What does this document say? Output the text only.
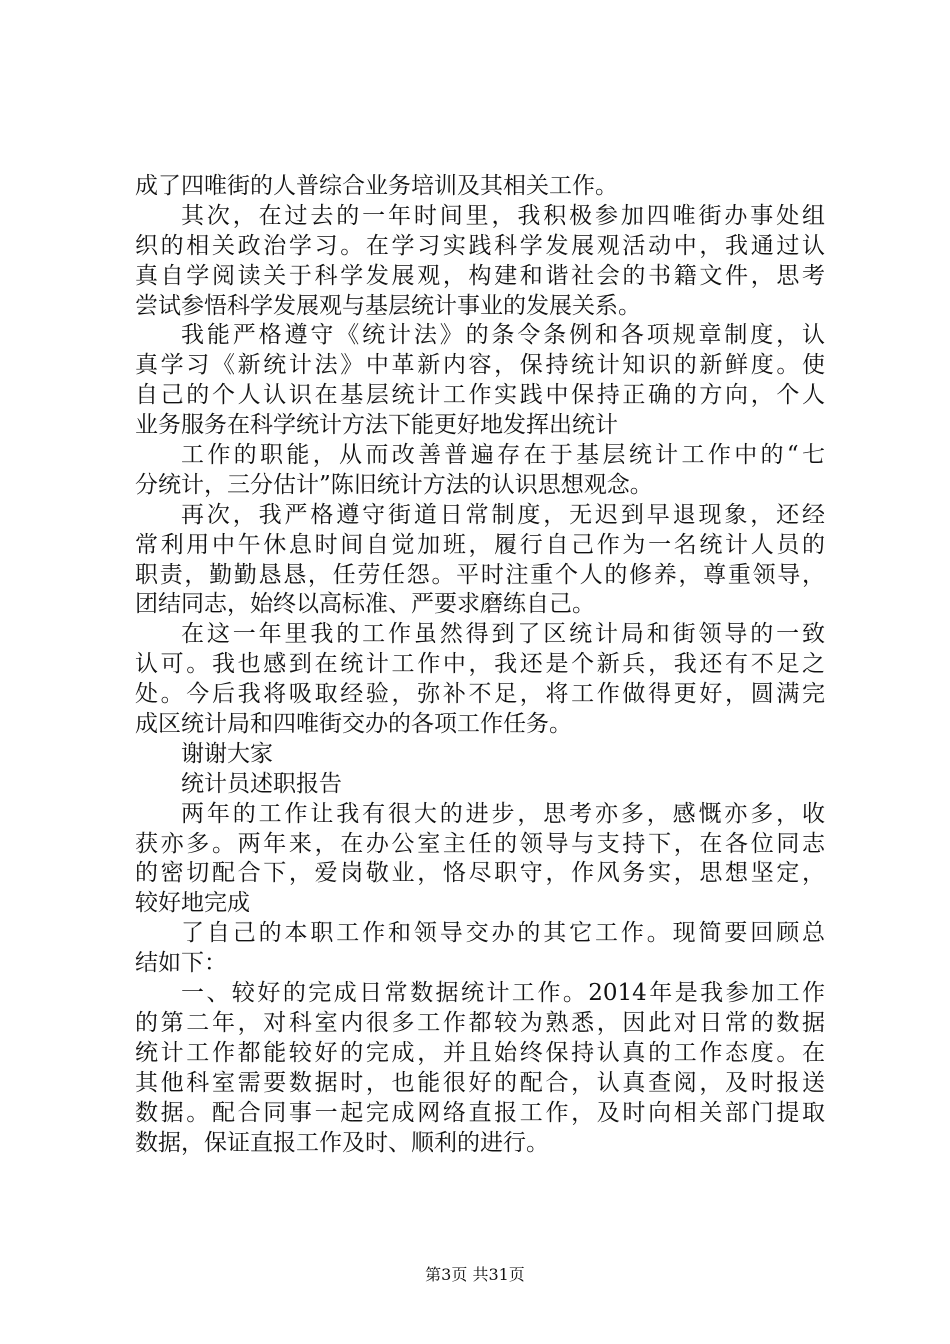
成了四唯街的人普综合业务培训及其相关工作。
其次，在过去的一年时间里，我积极参加四唯街办事处组
织的相关政治学习。在学习实践科学发展观活动中，我通过认
真自学阅读关于科学发展观，构建和谐社会的书籍文件，思考
尝试参悟科学发展观与基层统计事业的发展关系。
我能严格遵守《统计法》的条令条例和各项规章制度，认
真学习《新统计法》中革新内容，保持统计知识的新鲜度。使
自己的个人认识在基层统计工作实践中保持正确的方向，个人
业务服务在科学统计方法下能更好地发挥出统计
工作的职能，从而改善普遍存在于基层统计工作中的“七
分统计，三分估计”陈旧统计方法的认识思想观念。
再次，我严格遵守街道日常制度，无迟到早退现象，还经
常利用中午休息时间自觉加班，履行自己作为一名统计人员的
职责，勤勤恳恳，任劳任怨。平时注重个人的修养，尊重领导，
团结同志，始终以高标准、严要求磨练自己。
在这一年里我的工作虽然得到了区统计局和街领导的一致
认可。我也感到在统计工作中，我还是个新兵，我还有不足之
处。今后我将吸取经验，弥补不足，将工作做得更好，圆满完
成区统计局和四唯街交办的各项工作任务。
谢谢大家
统计员述职报告
两年的工作让我有很大的进步，思考亦多，感慨亦多，收
获亦多。两年来，在办公室主任的领导与支持下，在各位同志
的密切配合下，爱岗敬业，恪尽职守，作风务实，思想坚定，
较好地完成
了自己的本职工作和领导交办的其它工作。现简要回顾总
结如下：
一、较好的完成日常数据统计工作。2014年是我参加工作
的第二年，对科室内很多工作都较为熟悉，因此对日常的数据
统计工作都能较好的完成，并且始终保持认真的工作态度。在
其他科室需要数据时，也能很好的配合，认真查阅，及时报送
数据。配合同事一起完成网络直报工作，及时向相关部门提取
数据，保证直报工作及时、顺利的进行。
第3页 共31页
